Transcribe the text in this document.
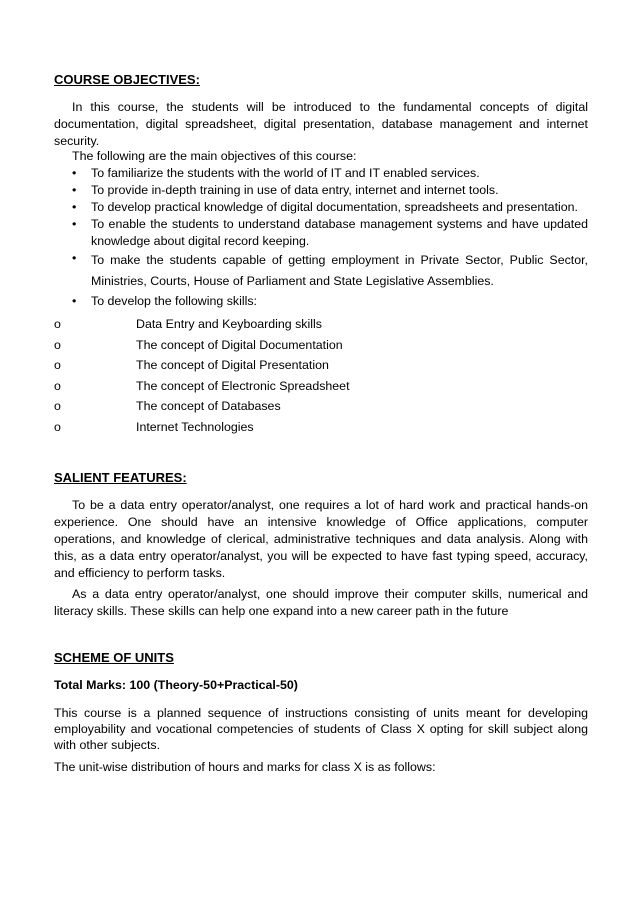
COURSE OBJECTIVES:
In this course, the students will be introduced to the fundamental concepts of digital documentation, digital spreadsheet, digital presentation, database management and internet security.
The following are the main objectives of this course:
• To familiarize the students with the world of IT and IT enabled services.
• To provide in-depth training in use of data entry, internet and internet tools.
• To develop practical knowledge of digital documentation, spreadsheets and presentation.
• To enable the students to understand database management systems and have updated knowledge about digital record keeping.
• To make the students capable of getting employment in Private Sector, Public Sector, Ministries, Courts, House of Parliament and State Legislative Assemblies.
• To develop the following skills:
o	Data Entry and Keyboarding skills
o	The concept of Digital Documentation
o	The concept of Digital Presentation
o	The concept of Electronic Spreadsheet
o	The concept of Databases
o	Internet Technologies
SALIENT FEATURES:
To be a data entry operator/analyst, one requires a lot of hard work and practical hands-on experience. One should have an intensive knowledge of Office applications, computer operations, and knowledge of clerical, administrative techniques and data analysis. Along with this, as a data entry operator/analyst, you will be expected to have fast typing speed, accuracy, and efficiency to perform tasks.
As a data entry operator/analyst, one should improve their computer skills, numerical and literacy skills. These skills can help one expand into a new career path in the future
SCHEME OF UNITS
Total Marks: 100 (Theory-50+Practical-50)
This course is a planned sequence of instructions consisting of units meant for developing employability and vocational competencies of students of Class X opting for skill subject along with other subjects.
The unit-wise distribution of hours and marks for class X is as follows:
